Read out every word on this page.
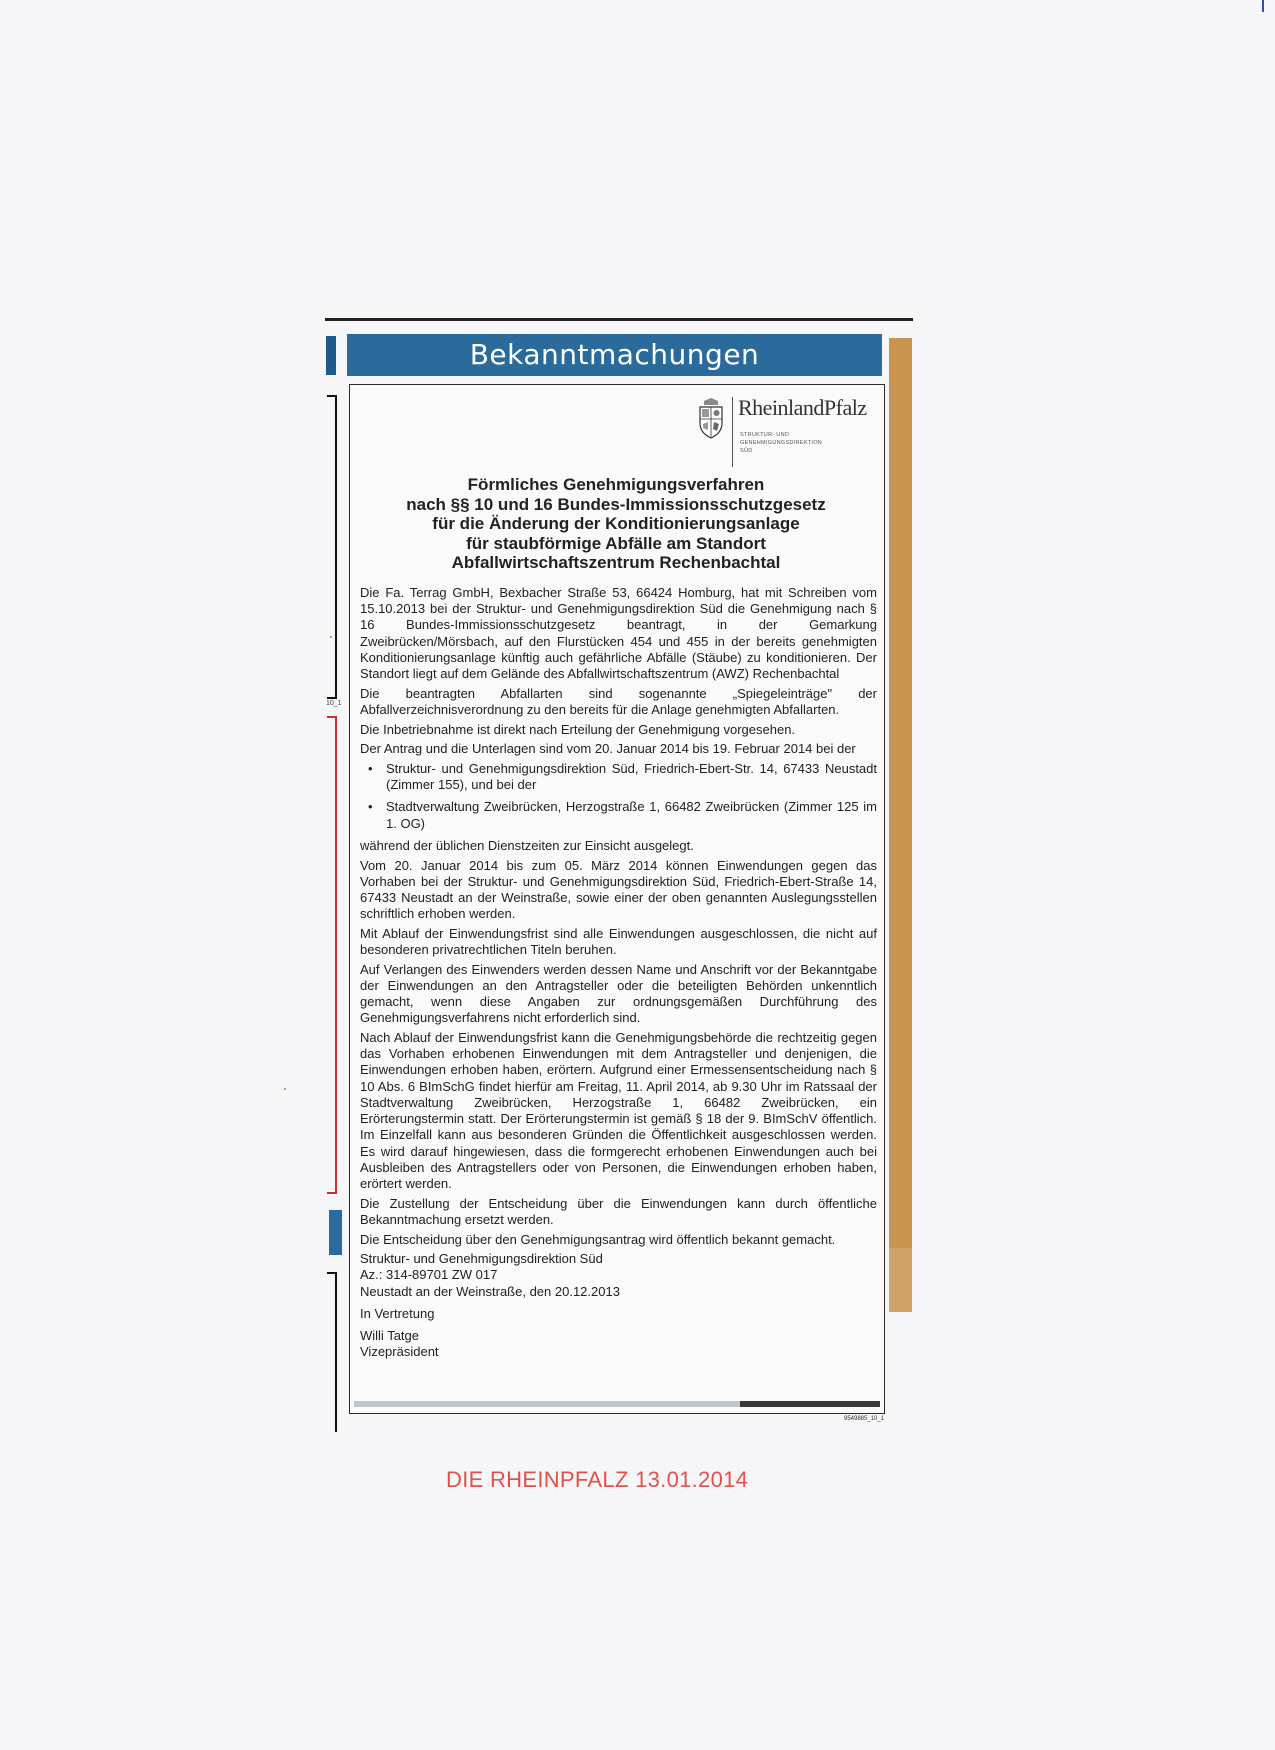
Bekanntmachungen
10_1
RheinlandPfalz
STRUKTUR- UND
GENEHMIGUNGSDIREKTION
SÜD
Förmliches Genehmigungsverfahren
nach §§ 10 und 16 Bundes-Immissionsschutzgesetz
für die Änderung der Konditionierungsanlage
für staubförmige Abfälle am Standort
Abfallwirtschaftszentrum Rechenbachtal

Die Fa. Terrag GmbH, Bexbacher Straße 53, 66424 Homburg, hat mit Schreiben vom 15.10.2013 bei der Struktur- und Genehmigungsdirektion Süd die Genehmigung nach § 16 Bundes-Immissionsschutzgesetz beantragt, in der Gemarkung Zweibrücken/Mörsbach, auf den Flurstücken 454 und 455 in der bereits genehmigten Konditionierungsanlage künftig auch gefährliche Abfälle (Stäube) zu konditionieren. Der Standort liegt auf dem Gelände des Abfallwirtschaftszentrum (AWZ) Rechenbachtal

Die beantragten Abfallarten sind sogenannte „Spiegeleinträge" der Abfallverzeichnisverordnung zu den bereits für die Anlage genehmigten Abfallarten.

Die Inbetriebnahme ist direkt nach Erteilung der Genehmigung vorgesehen.

Der Antrag und die Unterlagen sind vom 20. Januar 2014 bis 19. Februar 2014 bei der

• Struktur- und Genehmigungsdirektion Süd, Friedrich-Ebert-Str. 14, 67433 Neustadt (Zimmer 155), und bei der
• Stadtverwaltung Zweibrücken, Herzogstraße 1, 66482 Zweibrücken (Zimmer 125 im 1. OG)

während der üblichen Dienstzeiten zur Einsicht ausgelegt.

Vom 20. Januar 2014 bis zum 05. März 2014 können Einwendungen gegen das Vorhaben bei der Struktur- und Genehmigungsdirektion Süd, Friedrich-Ebert-Straße 14, 67433 Neustadt an der Weinstraße, sowie einer der oben genannten Auslegungsstellen schriftlich erhoben werden.

Mit Ablauf der Einwendungsfrist sind alle Einwendungen ausgeschlossen, die nicht auf besonderen privatrechtlichen Titeln beruhen.

Auf Verlangen des Einwenders werden dessen Name und Anschrift vor der Bekanntgabe der Einwendungen an den Antragsteller oder die beteiligten Behörden unkenntlich gemacht, wenn diese Angaben zur ordnungsgemäßen Durchführung des Genehmigungsverfahrens nicht erforderlich sind.

Nach Ablauf der Einwendungsfrist kann die Genehmigungsbehörde die rechtzeitig gegen das Vorhaben erhobenen Einwendungen mit dem Antragsteller und denjenigen, die Einwendungen erhoben haben, erörtern. Aufgrund einer Ermessensentscheidung nach § 10 Abs. 6 BImSchG findet hierfür am Freitag, 11. April 2014, ab 9.30 Uhr im Ratssaal der Stadtverwaltung Zweibrücken, Herzogstraße 1, 66482 Zweibrücken, ein Erörterungstermin statt. Der Erörterungstermin ist gemäß § 18 der 9. BImSchV öffentlich. Im Einzelfall kann aus besonderen Gründen die Öffentlichkeit ausgeschlossen werden. Es wird darauf hingewiesen, dass die formgerecht erhobenen Einwendungen auch bei Ausbleiben des Antragstellers oder von Personen, die Einwendungen erhoben haben, erörtert werden.

Die Zustellung der Entscheidung über die Einwendungen kann durch öffentliche Bekanntmachung ersetzt werden.

Die Entscheidung über den Genehmigungsantrag wird öffentlich bekannt gemacht.

Struktur- und Genehmigungsdirektion Süd
Az.: 314-89701 ZW 017
Neustadt an der Weinstraße, den 20.12.2013
In Vertretung
Willi Tatge
Vizepräsident
9549885_10_1
DIE RHEINPFALZ 13.01.2014
